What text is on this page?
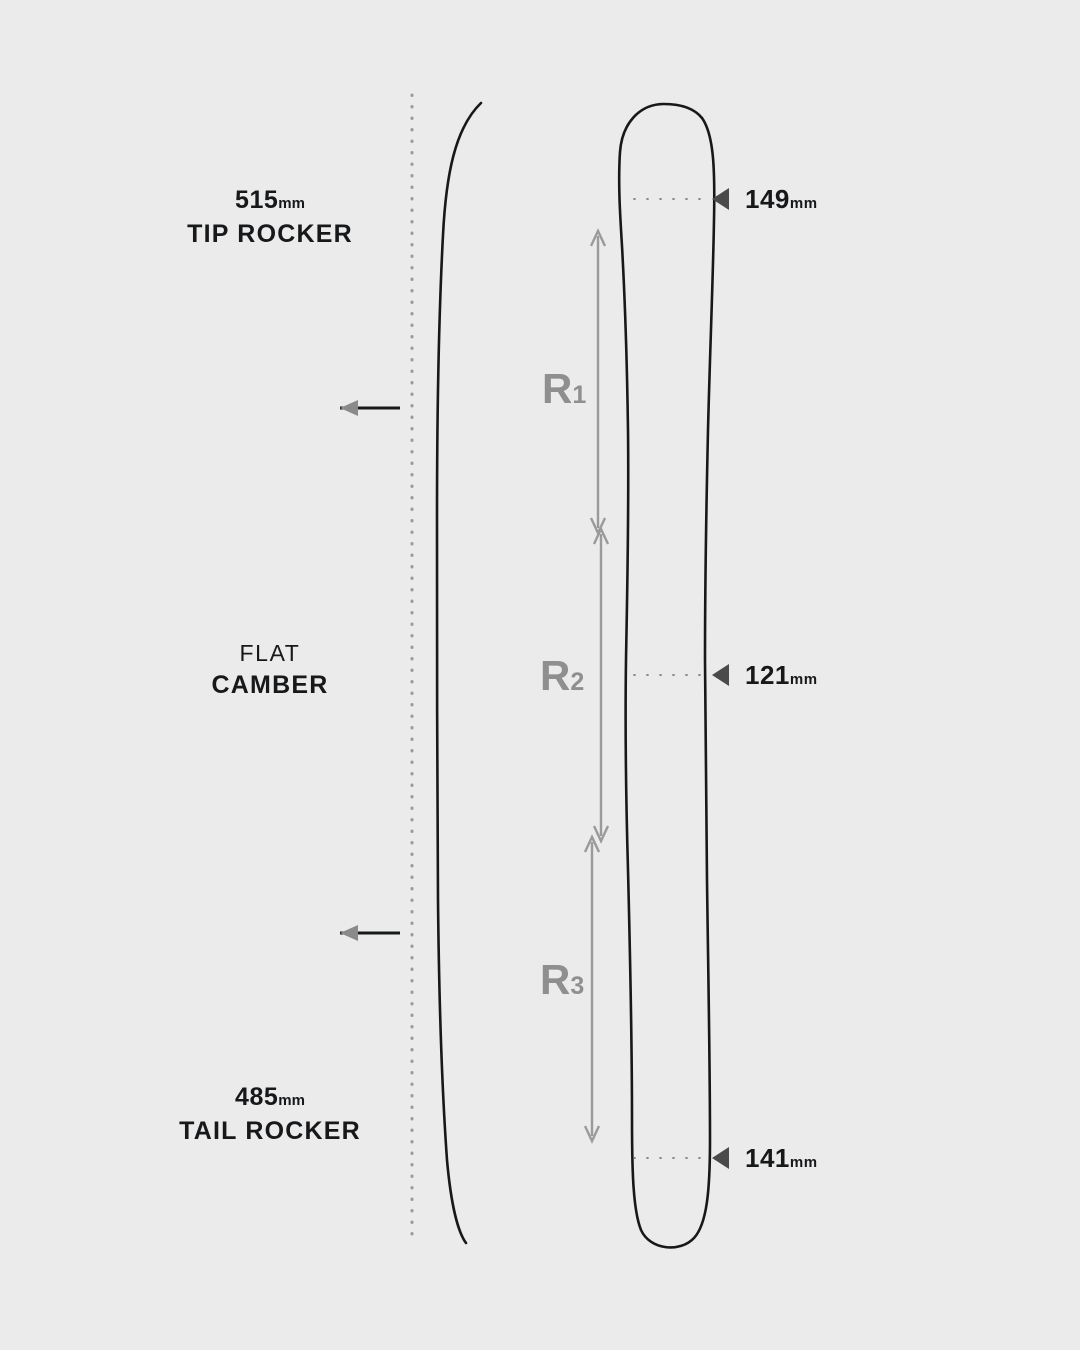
515mm
TIP ROCKER
FLAT
CAMBER
485mm
TAIL ROCKER
149mm
121mm
141mm
R1
R2
R3
